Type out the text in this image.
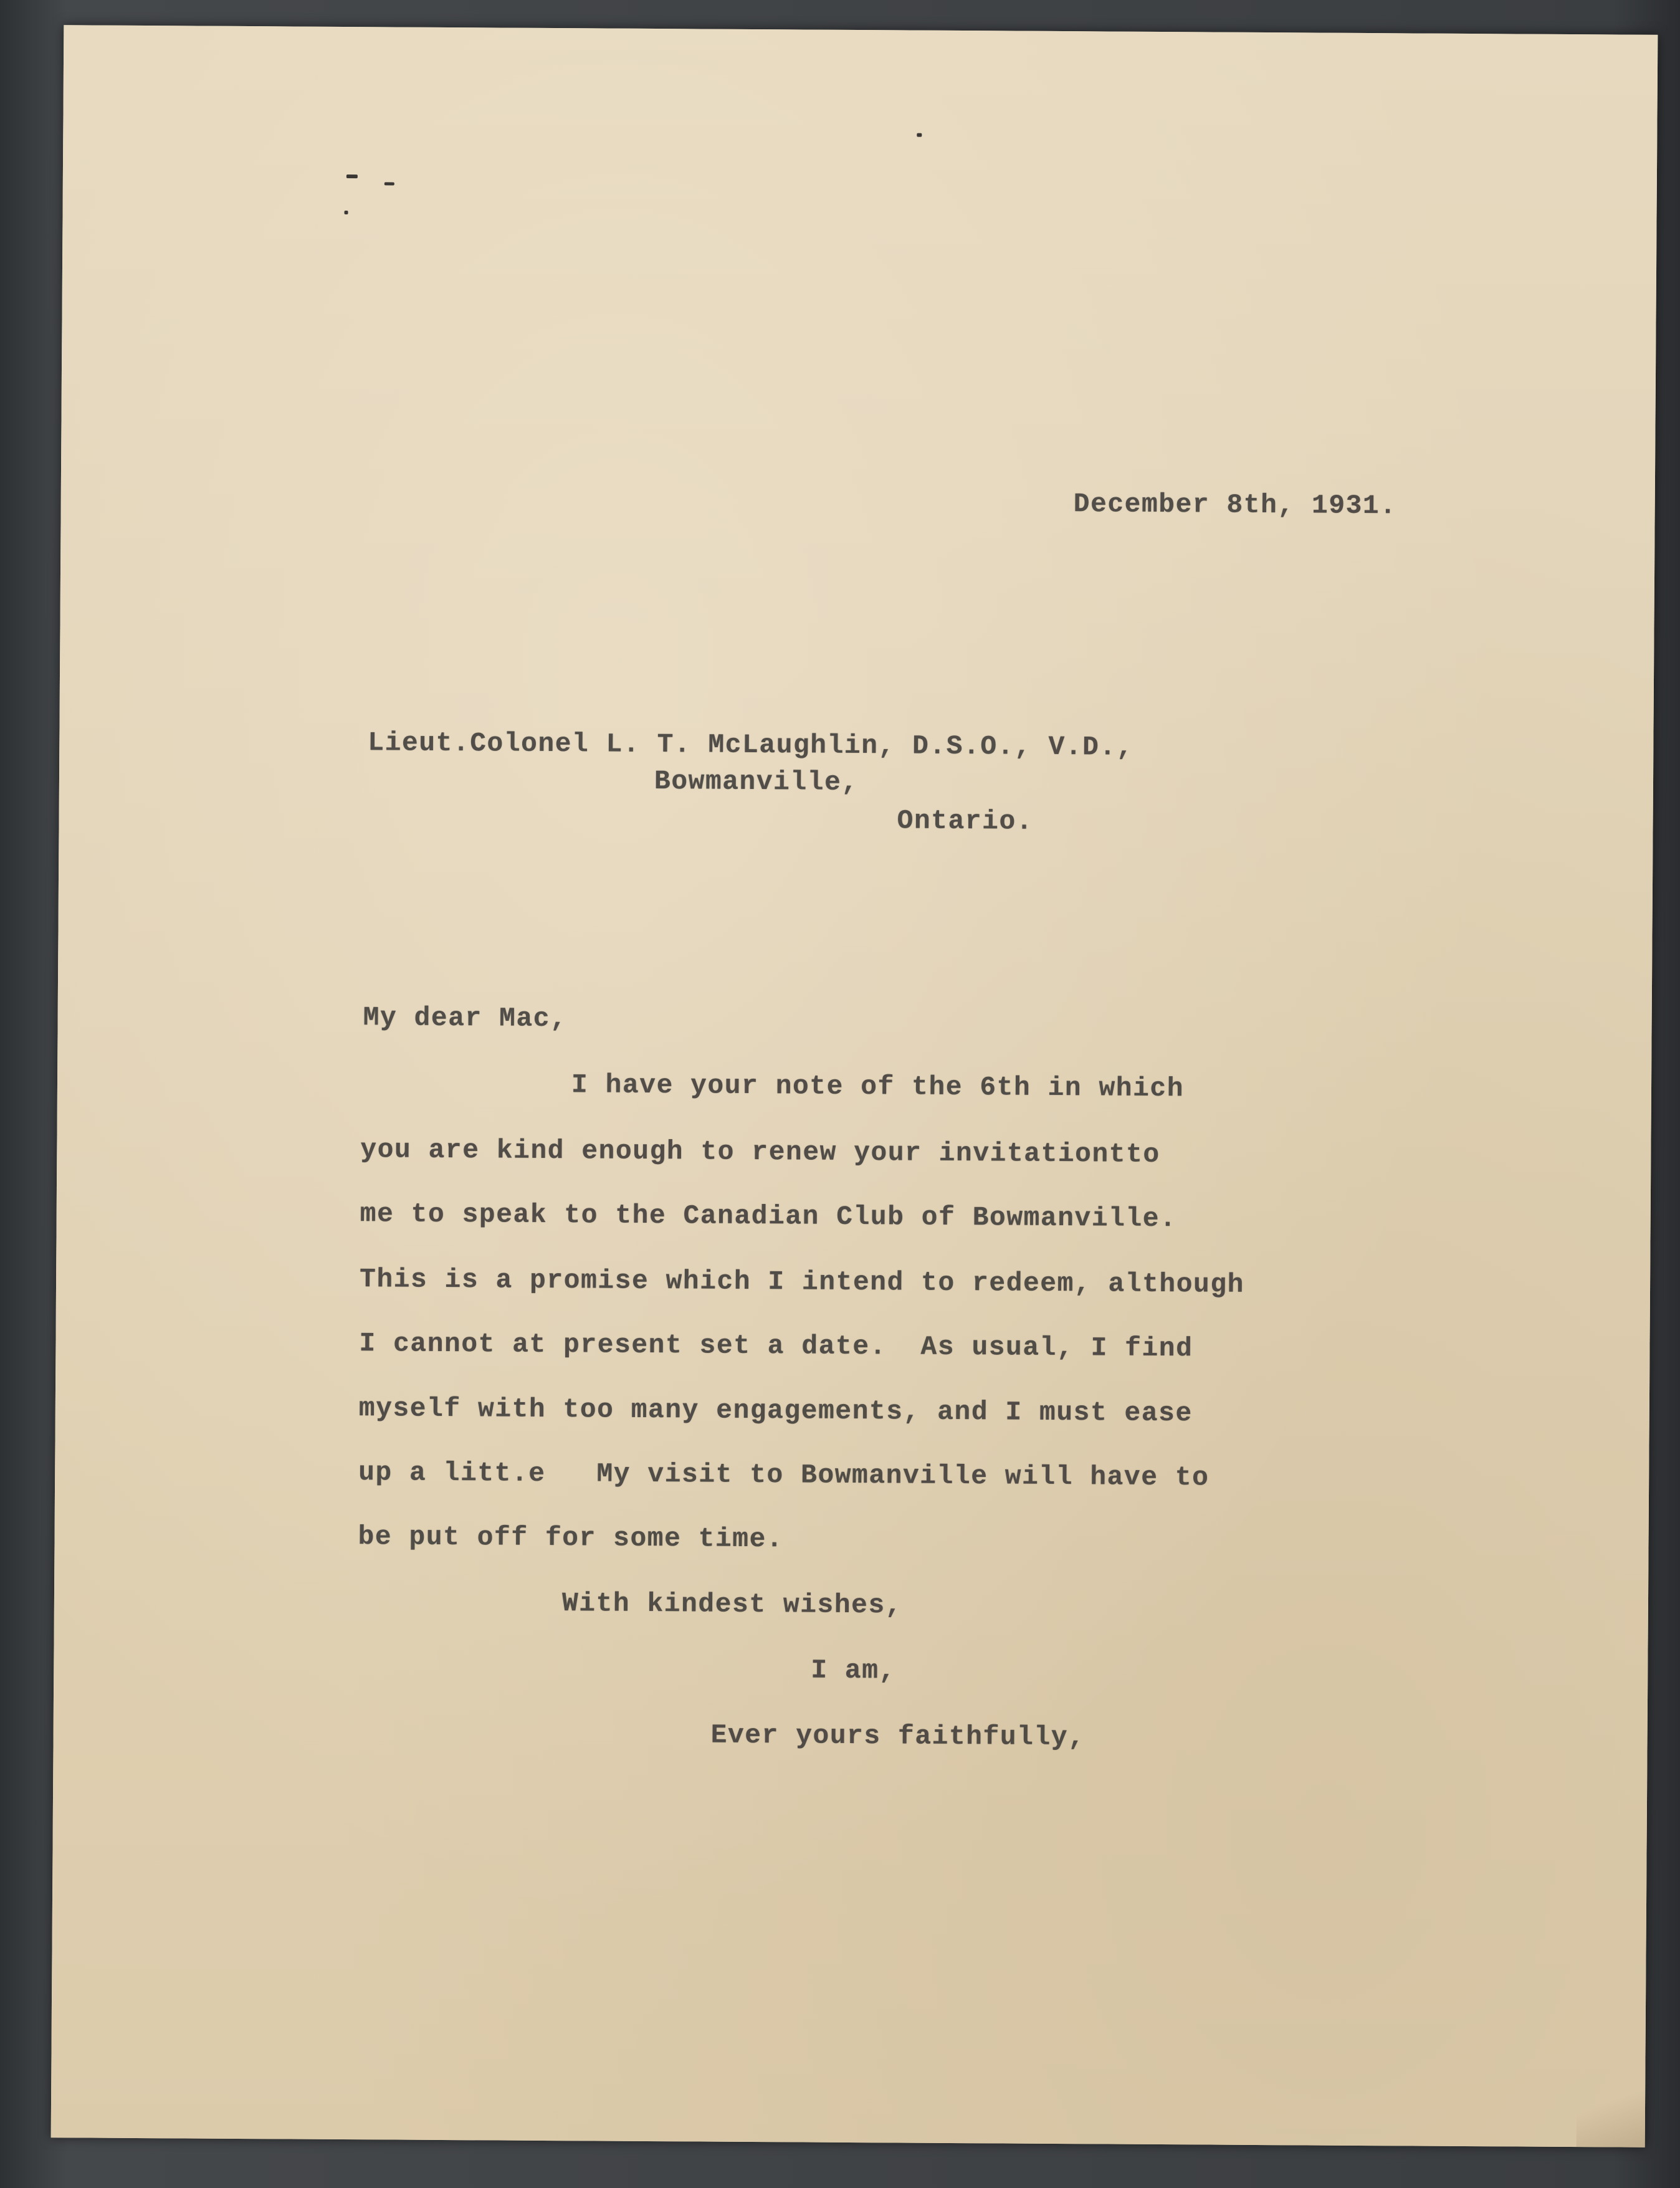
December 8th, 1931.
Lieut.Colonel L. T. McLaughlin, D.S.O., V.D.,
Bowmanville,
Ontario.
My dear Mac,
I have your note of the 6th in which
you are kind enough to renew your invitationtto
me to speak to the Canadian Club of Bowmanville.
This is a promise which I intend to redeem, although
I cannot at present set a date.  As usual, I find
myself with too many engagements, and I must ease
up a litt.e   My visit to Bowmanville will have to
be put off for some time.
With kindest wishes,
I am,
Ever yours faithfully,
